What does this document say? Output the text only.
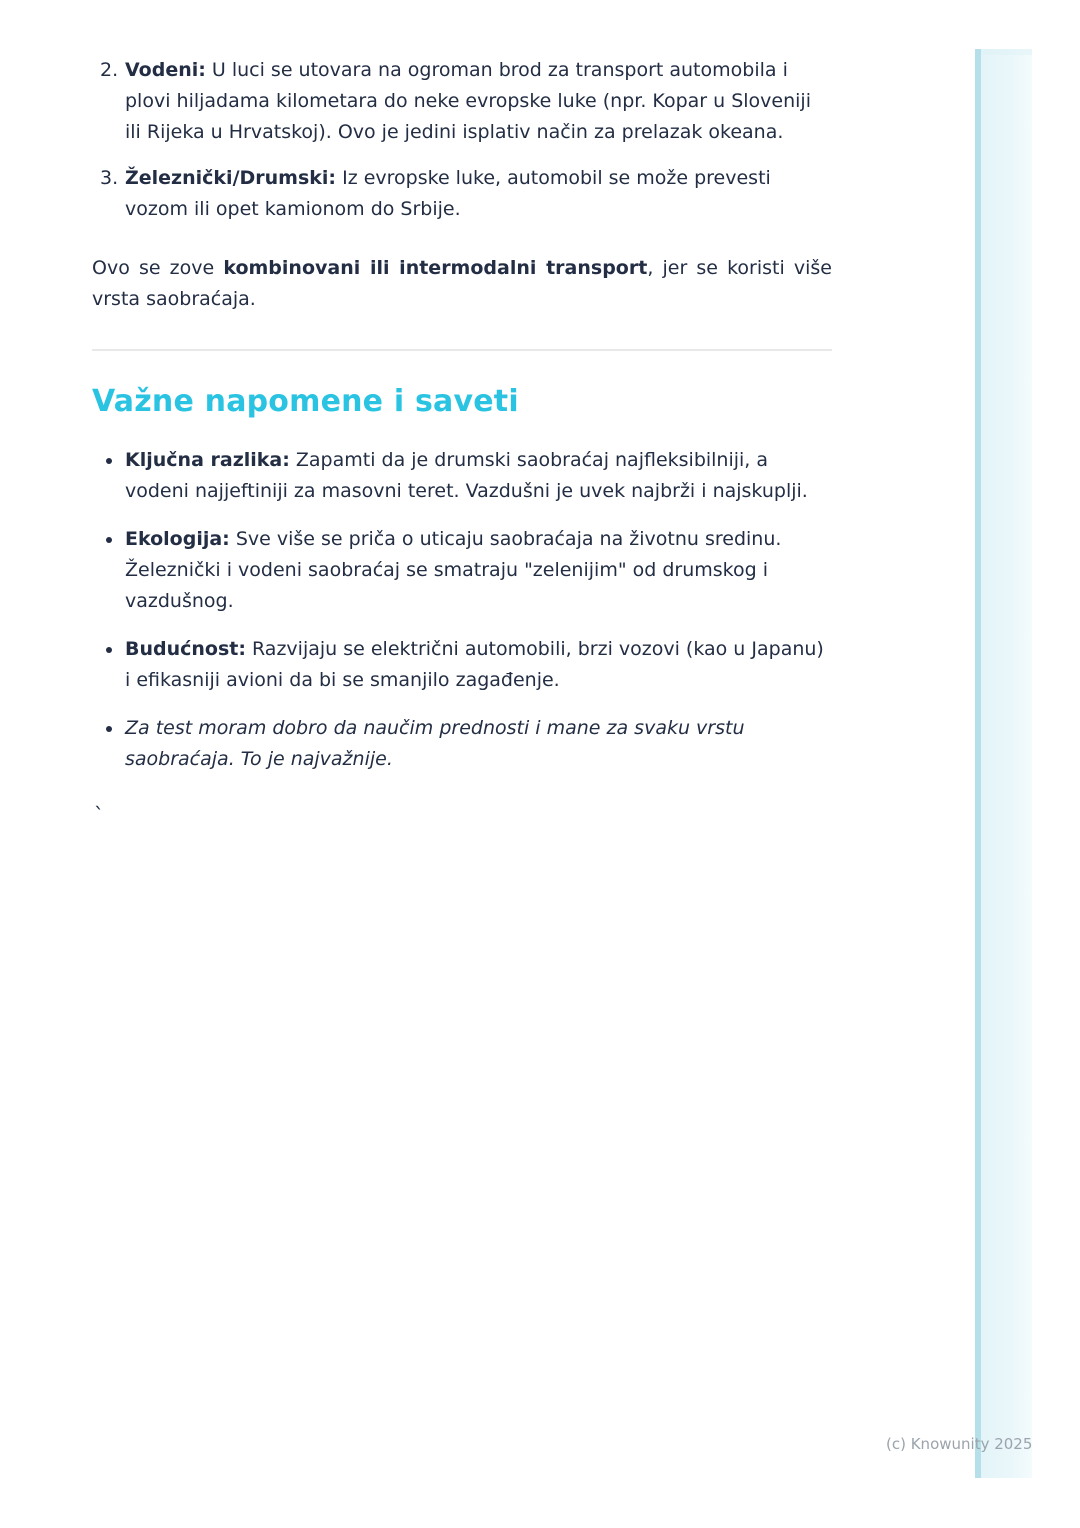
2. Vodeni: U luci se utovara na ogroman brod za transport automobila i plovi hiljadama kilometara do neke evropske luke (npr. Kopar u Sloveniji ili Rijeka u Hrvatskoj). Ovo je jedini isplativ način za prelazak okeana.
3. Železnički/Drumski: Iz evropske luke, automobil se može prevesti vozom ili opet kamionom do Srbije.

Ovo se zove kombinovani ili intermodalni transport, jer se koristi više vrsta saobraćaja.

Važne napomene i saveti
Ključna razlika: Zapamti da je drumski saobraćaj najfleksibilniji, a vodeni najjeftiniji za masovni teret. Vazdušni je uvek najbrži i najskuplji.
Ekologija: Sve više se priča o uticaju saobraćaja na životnu sredinu. Železnički i vodeni saobraćaj se smatraju "zelenijim" od drumskog i vazdušnog.
Budućnost: Razvijaju se električni automobili, brzi vozovi (kao u Japanu) i efikasniji avioni da bi se smanjilo zagađenje.
Za test moram dobro da naučim prednosti i mane za svaku vrstu saobraćaja. To je najvažnije.
`
(c) Knowunity 2025
